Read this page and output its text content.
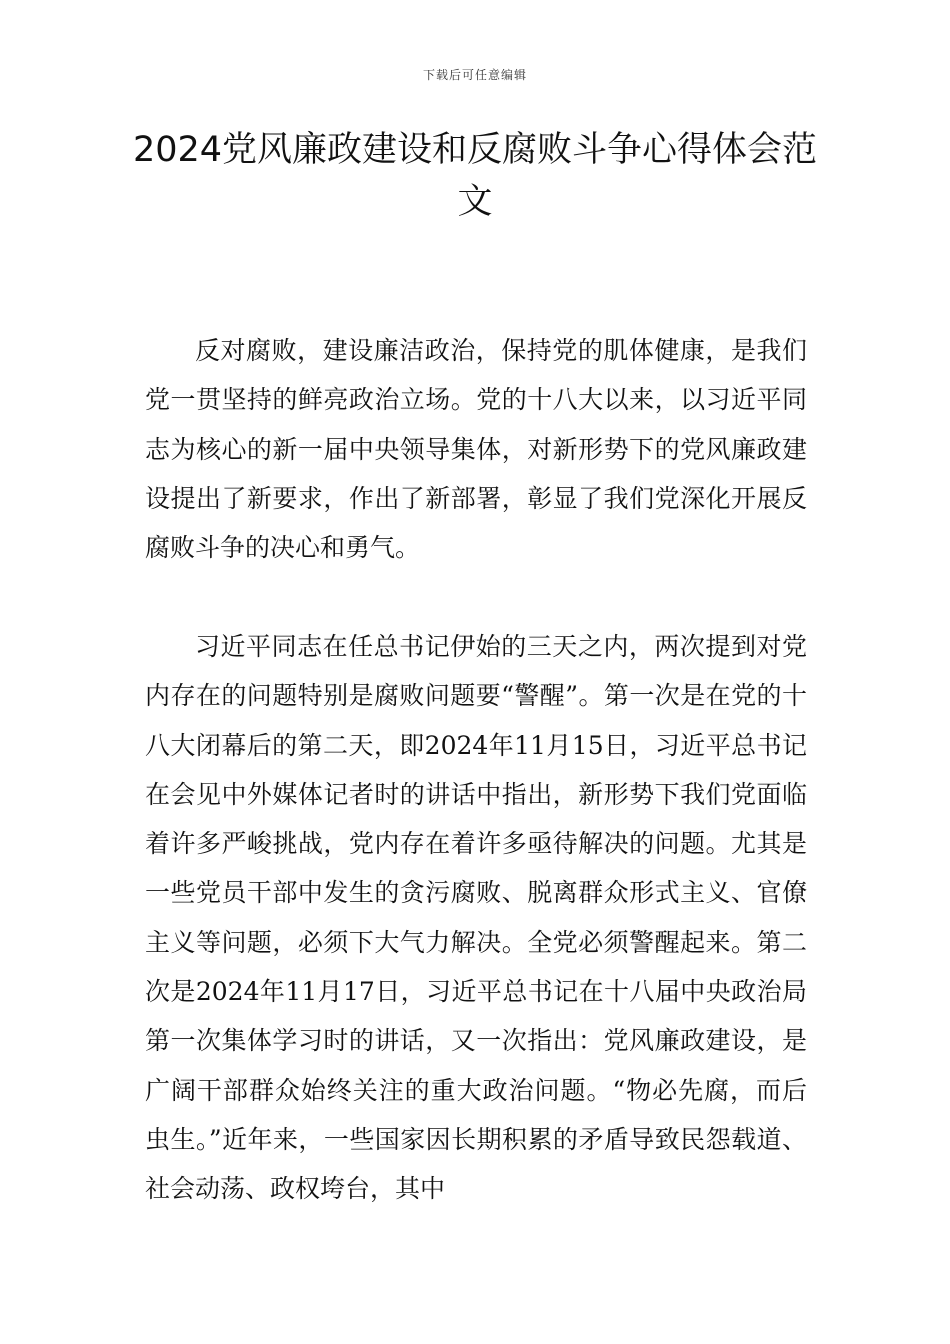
下载后可任意编辑
2024党风廉政建设和反腐败斗争心得体会范文

反对腐败，建设廉洁政治，保持党的肌体健康，是我们党一贯坚持的鲜亮政治立场。党的十八大以来，以习近平同志为核心的新一届中央领导集体，对新形势下的党风廉政建设提出了新要求，作出了新部署，彰显了我们党深化开展反腐败斗争的决心和勇气。

习近平同志在任总书记伊始的三天之内，两次提到对党内存在的问题特别是腐败问题要“警醒”。第一次是在党的十八大闭幕后的第二天，即2024年11月15日，习近平总书记在会见中外媒体记者时的讲话中指出，新形势下我们党面临着许多严峻挑战，党内存在着许多亟待解决的问题。尤其是一些党员干部中发生的贪污腐败、脱离群众形式主义、官僚主义等问题，必须下大气力解决。全党必须警醒起来。第二次是2024年11月17日，习近平总书记在十八届中央政治局第一次集体学习时的讲话，又一次指出：党风廉政建设，是广阔干部群众始终关注的重大政治问题。“物必先腐，而后虫生。”近年来，一些国家因长期积累的矛盾导致民怨载道、社会动荡、政权垮台，其中
